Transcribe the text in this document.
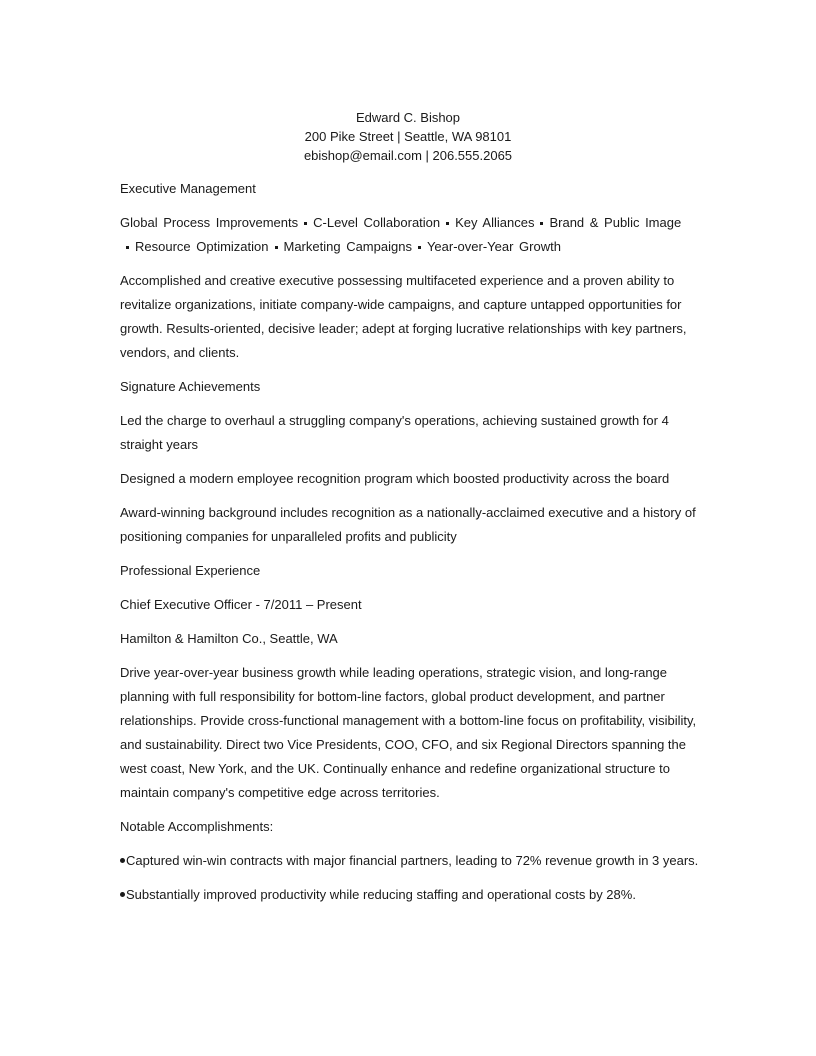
Edward C. Bishop
200 Pike Street | Seattle, WA 98101
ebishop@email.com | 206.555.2065

Executive Management

Global Process Improvements C-Level Collaboration Key Alliances Brand & Public Image
Resource Optimization Marketing Campaigns Year-over-Year Growth

Accomplished and creative executive possessing multifaceted experience and a proven ability to revitalize organizations, initiate company-wide campaigns, and capture untapped opportunities for growth. Results-oriented, decisive leader; adept at forging lucrative relationships with key partners, vendors, and clients.

Signature Achievements

Led the charge to overhaul a struggling company's operations, achieving sustained growth for 4 straight years

Designed a modern employee recognition program which boosted productivity across the board

Award-winning background includes recognition as a nationally-acclaimed executive and a history of positioning companies for unparalleled profits and publicity

Professional Experience

Chief Executive Officer - 7/2011 – Present

Hamilton & Hamilton Co., Seattle, WA

Drive year-over-year business growth while leading operations, strategic vision, and long-range planning with full responsibility for bottom-line factors, global product development, and partner relationships. Provide cross-functional management with a bottom-line focus on profitability, visibility, and sustainability. Direct two Vice Presidents, COO, CFO, and six Regional Directors spanning the west coast, New York, and the UK. Continually enhance and redefine organizational structure to maintain company's competitive edge across territories.

Notable Accomplishments:

Captured win-win contracts with major financial partners, leading to 72% revenue growth in 3 years.

Substantially improved productivity while reducing staffing and operational costs by 28%.
